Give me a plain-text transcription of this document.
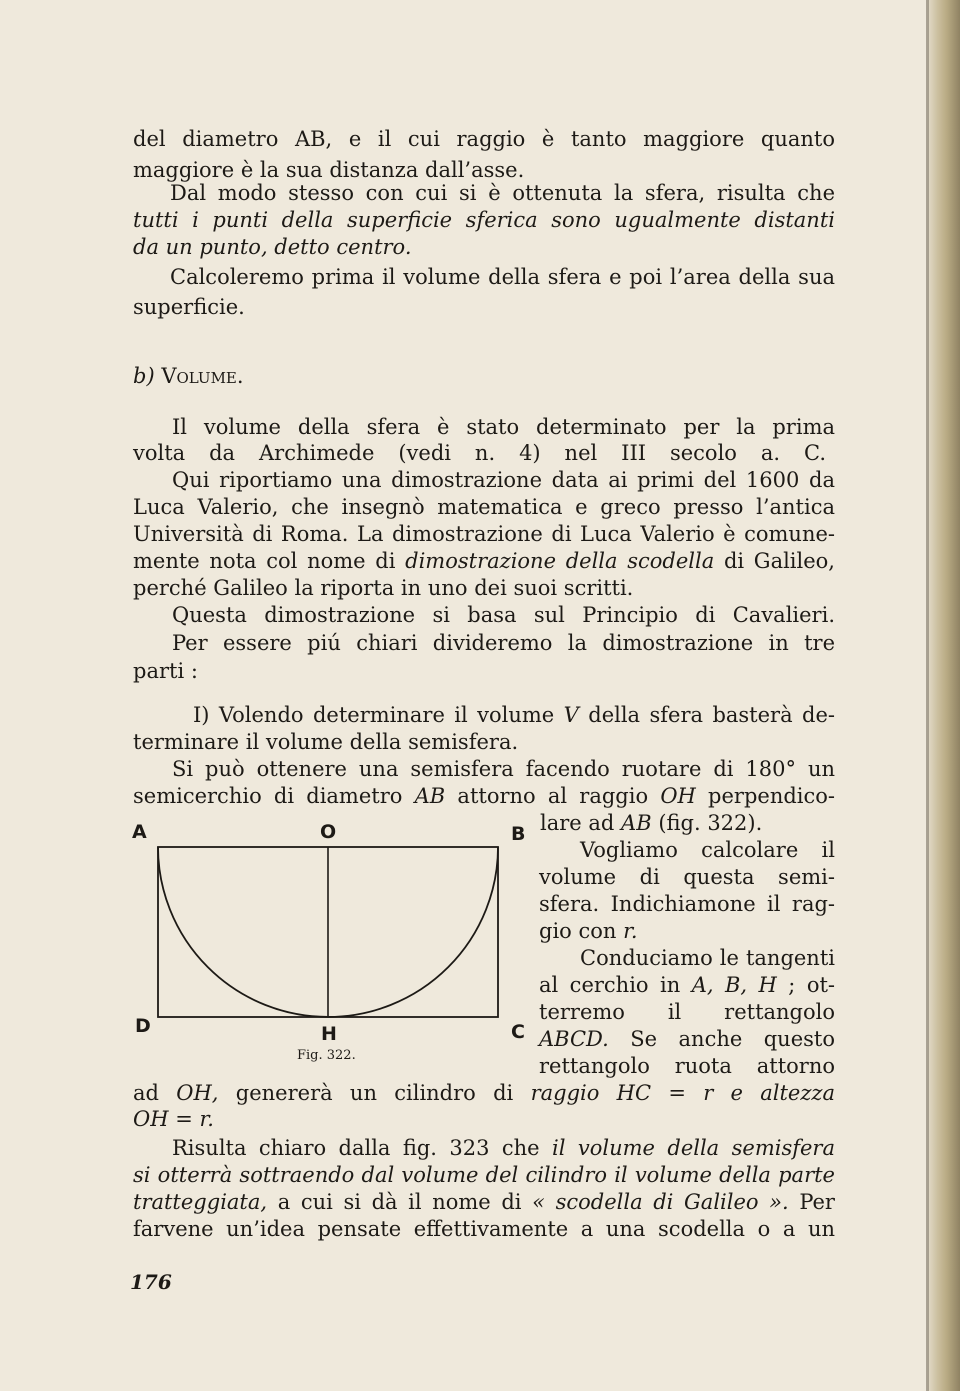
del diametro AB, e il cui raggio è tanto maggiore quanto
maggiore è la sua distanza dall’asse.
Dal modo stesso con cui si è ottenuta la sfera, risulta che
tutti i punti della superficie sferica sono ugualmente distanti
da un punto, detto centro.
Calcoleremo prima il volume della sfera e poi l’area della sua
superficie.
b) Volume.
Il volume della sfera è stato determinato per la prima
volta da Archimede (vedi n. 4) nel III secolo a. C.
Qui riportiamo una dimostrazione data ai primi del 1600 da
Luca Valerio, che insegnò matematica e greco presso l’antica
Università di Roma. La dimostrazione di Luca Valerio è comune-
mente nota col nome di dimostrazione della scodella di Galileo,
perché Galileo la riporta in uno dei suoi scritti.
Questa dimostrazione si basa sul Principio di Cavalieri.
Per essere piú chiari divideremo la dimostrazione in tre
parti :
I) Volendo determinare il volume V della sfera basterà de-
terminare il volume della semisfera.
Si può ottenere una semisfera facendo ruotare di 180° un
semicerchio di diametro AB attorno al raggio OH perpendico-
lare ad AB (fig. 322).
Vogliamo calcolare il
volume di questa semi-
sfera. Indichiamone il rag-
gio con r.
Conduciamo le tangenti
al cerchio in A, B, H ; ot-
terremo il rettangolo
ABCD. Se anche questo
rettangolo ruota attorno
ad OH, genererà un cilindro di raggio HC = r e altezza
OH = r.
Risulta chiaro dalla fig. 323 che il volume della semisfera
si otterrà sottraendo dal volume del cilindro il volume della parte
tratteggiata, a cui si dà il nome di « scodella di Galileo ». Per
farvene un’idea pensate effettivamente a una scodella o a un
A	O	B
D	H	C
Fig. 322.
176
